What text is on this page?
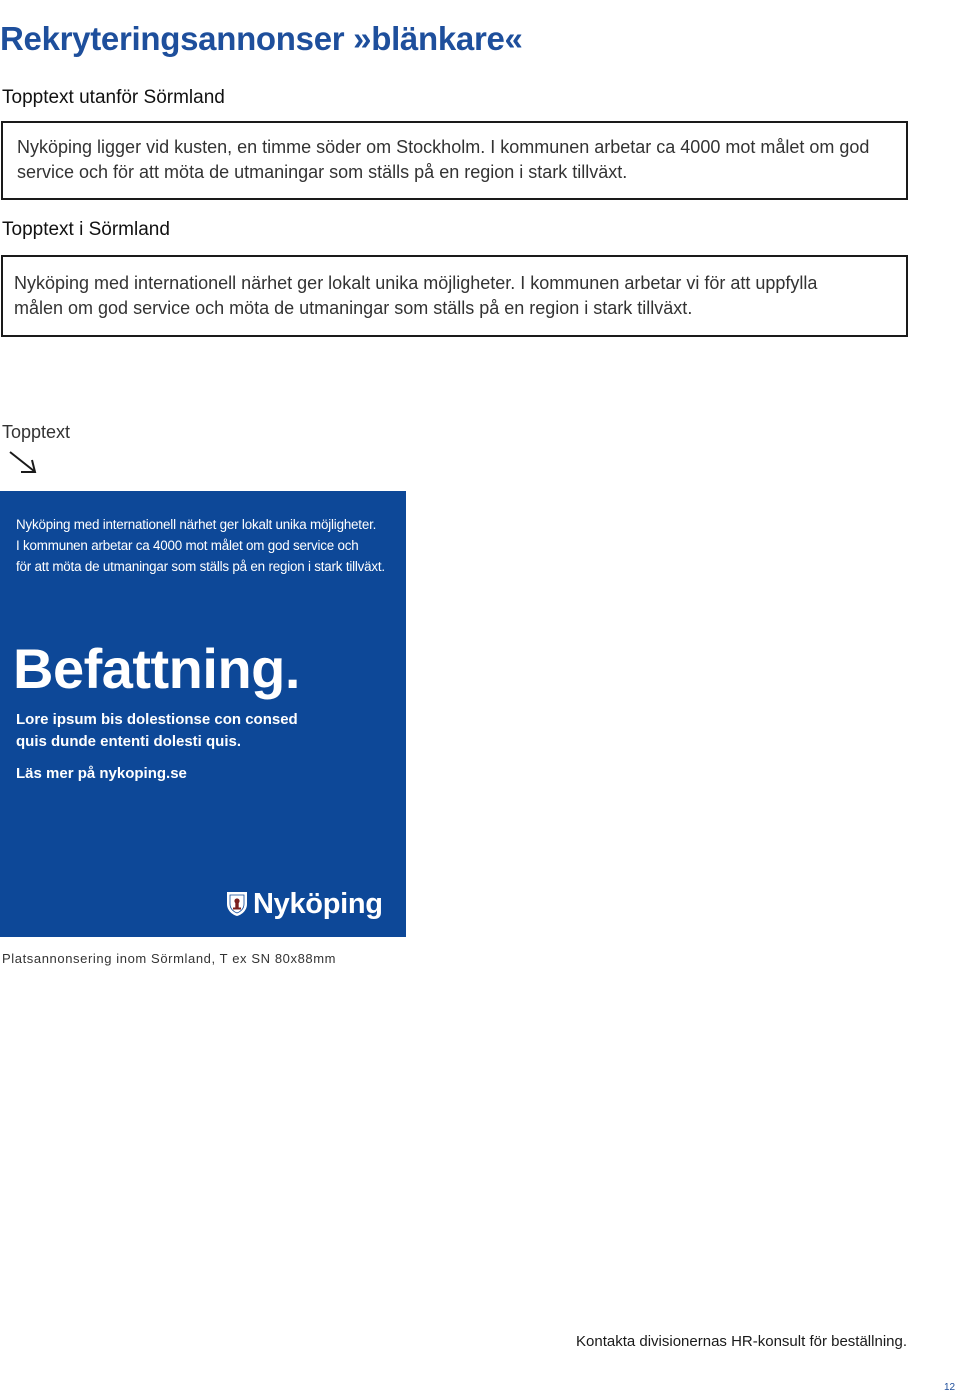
Rekryteringsannonser »blänkare«
Topptext utanför Sörmland

Nyköping ligger vid kusten, en timme söder om Stockholm. I kommunen arbetar ca 4000 mot målet om god

service och för att möta de utmaningar som ställs på en region i stark tillväxt.

Topptext i Sörmland

Nyköping med internationell närhet ger lokalt unika möjligheter. I kommunen arbetar vi för att uppfylla

målen om god service och möta de utmaningar som ställs på en region i stark tillväxt.

Topptext

Nyköping med internationell närhet ger lokalt unika möjligheter.

I kommunen arbetar ca 4000 mot målet om god service och

för att möta de utmaningar som ställs på en region i stark tillväxt.

Befattning.

Lore ipsum bis dolestionse con consed

quis dunde ententi dolesti quis.

Läs mer på nykoping.se
Nyköping
Platsannonsering inom Sörmland, T ex SN 80x88mm
Kontakta divisionernas HR-konsult för beställning.
12
